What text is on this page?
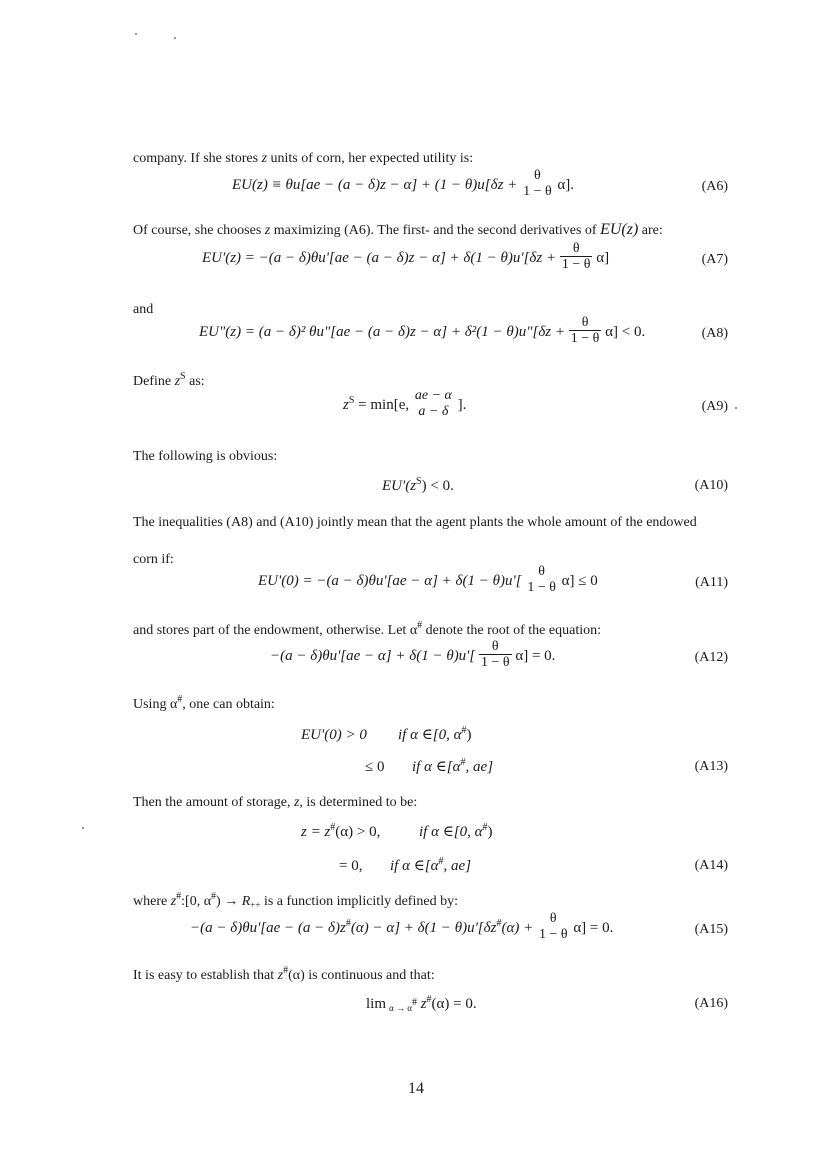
company. If she stores z units of corn, her expected utility is:
EU(z) ≡ θu[ae − (a − δ)z − α] + (1 − θ)u[δz +
θ
1 − θ α].	(A6)
Of course, she chooses z maximizing (A6). The first- and the second derivatives of EU(z) are:
$EU'(z) = -(a - \delta)\theta u'[ae - (a - \delta)z - \alpha] + \delta(1 - \theta)u'[\delta z + \frac{\theta}{1 - \theta} \alpha]$	(A7)
and
EU"(z) = (a − δ)² θu"[ae − (a − δ)z − α] + δ²(1 − θ)u"[δz + $\frac{\theta}{1 - \theta} \alpha] < 0$.	(A8)
Define $z^S$ as:
$z^S = \min[e$,
ae − α
a − δ ].	(A9)
The following is obvious:
$EU'(z^S) < 0$.	(A10)
The inequalities (A8) and (A10) jointly mean that the agent plants the whole amount of the endowed
corn if:
EU'(0) = −(a − δ)θu'[ae − α] + δ(1 − θ)u'[
θ
1 − θ α] ≤ 0	(A11)
and stores part of the endowment, otherwise. Let α# denote the root of the equation:
$-(a - \delta)\theta u'[ae - \alpha] + \delta(1 - \theta)u'[ \frac{\theta}{1 - \theta} \alpha] = 0$.	(A12)
Using α#, one can obtain:
EU'(0) > 0 if α ∈[0, α#)
≤ 0 if α ∈[α#, ae]	(A13)
Then the amount of storage, z, is determined to be:
z = z#(α) > 0,	if α ∈[0, α#)
= 0, if α ∈[α#, ae]	(A14)
where z#:[0, $\alpha^{\#}) \to R_{++}$ is a function implicitly defined by:
−(a − δ)θu'[ae − (a − δ)z#(α) − α] + δ(1 − θ)u'[δz#(α) +
θ
1 − θ α] = 0.	(A15)
It is easy to establish that z#(α) is continuous and that:
lim $_{\alpha \to \alpha^{\#}}$ z#(α) = 0.	(A16)
14
